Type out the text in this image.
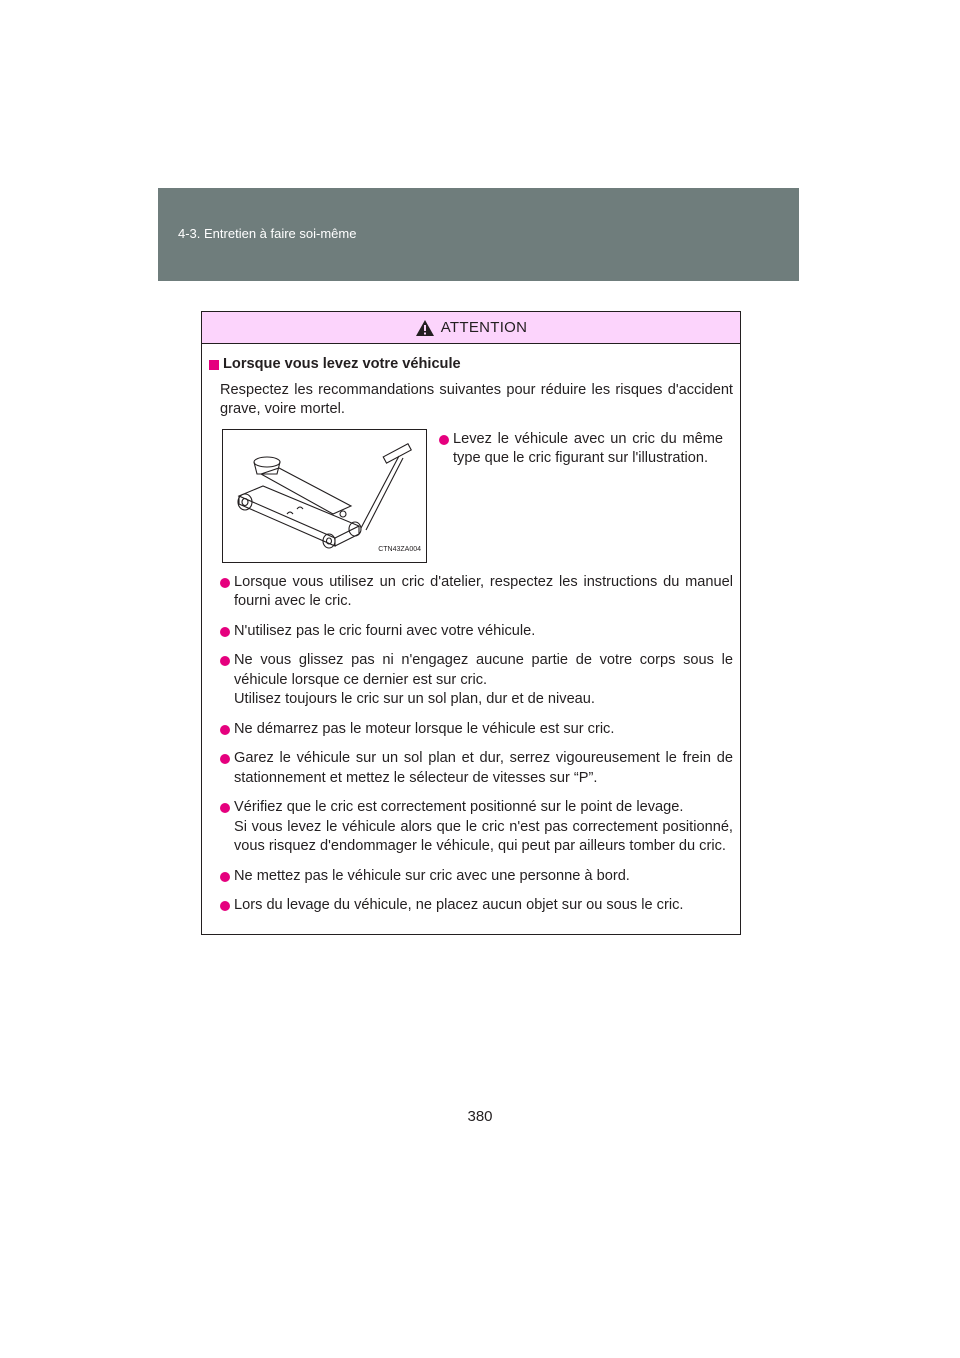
4-3. Entretien à faire soi-même
ATTENTION
Lorsque vous levez votre véhicule
Respectez les recommandations suivantes pour réduire les risques d'accident grave, voire mortel.
CTN43ZA004
Levez le véhicule avec un cric du même type que le cric figurant sur l'illustration.
Lorsque vous utilisez un cric d'atelier, respectez les instructions du manuel fourni avec le cric.
N'utilisez pas le cric fourni avec votre véhicule.
Ne vous glissez pas ni n'engagez aucune partie de votre corps sous le véhicule lorsque ce dernier est sur cric.
Utilisez toujours le cric sur un sol plan, dur et de niveau.
Ne démarrez pas le moteur lorsque le véhicule est sur cric.
Garez le véhicule sur un sol plan et dur, serrez vigoureusement le frein de stationnement et mettez le sélecteur de vitesses sur “P”.
Vérifiez que le cric est correctement positionné sur le point de levage.
Si vous levez le véhicule alors que le cric n'est pas correctement positionné, vous risquez d'endommager le véhicule, qui peut par ailleurs tomber du cric.
Ne mettez pas le véhicule sur cric avec une personne à bord.
Lors du levage du véhicule, ne placez aucun objet sur ou sous le cric.
380
